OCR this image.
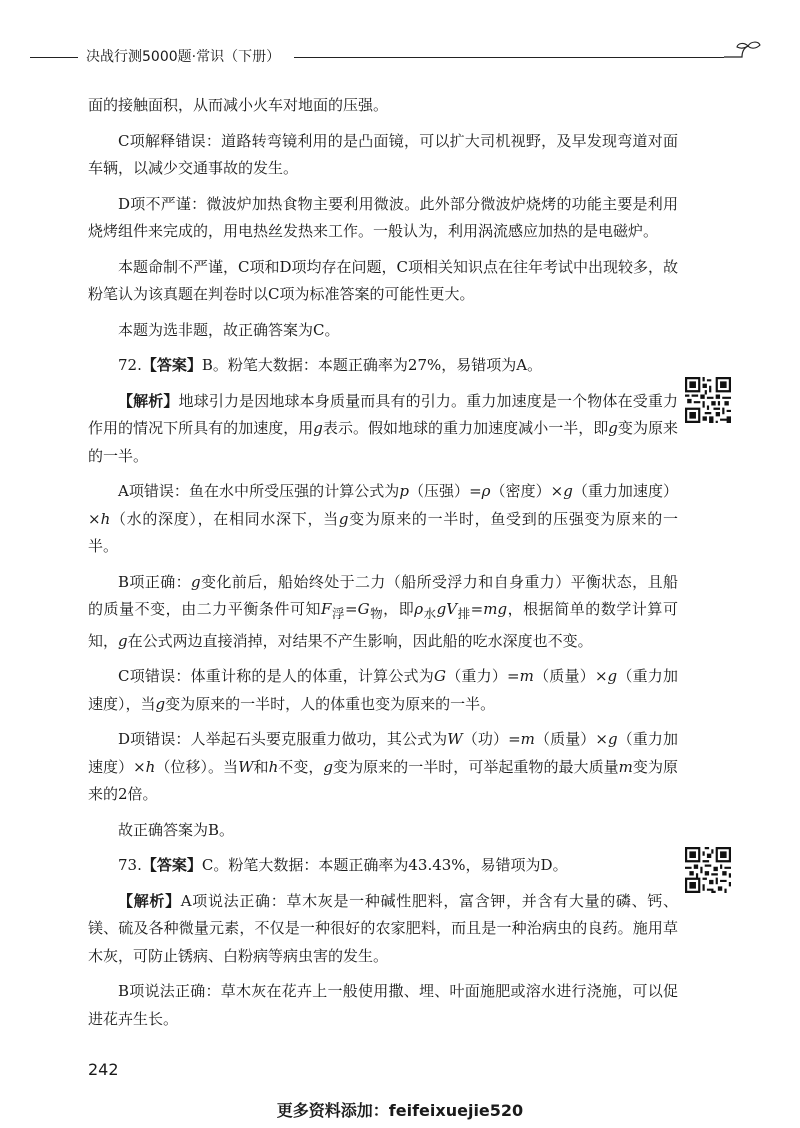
决战行测5000题·常识（下册）

面的接触面积，从而减小火车对地面的压强。

C项解释错误：道路转弯镜利用的是凸面镜，可以扩大司机视野，及早发现弯道对面车辆，以减少交通事故的发生。

D项不严谨：微波炉加热食物主要利用微波。此外部分微波炉烧烤的功能主要是利用烧烤组件来完成的，用电热丝发热来工作。一般认为，利用涡流感应加热的是电磁炉。

本题命制不严谨，C项和D项均存在问题，C项相关知识点在往年考试中出现较多，故粉笔认为该真题在判卷时以C项为标准答案的可能性更大。

本题为选非题，故正确答案为C。

72.【答案】B。粉笔大数据：本题正确率为27%，易错项为A。

【解析】地球引力是因地球本身质量而具有的引力。重力加速度是一个物体在受重力作用的情况下所具有的加速度，用g表示。假如地球的重力加速度减小一半，即g变为原来的一半。

A项错误：鱼在水中所受压强的计算公式为p（压强）=ρ（密度）×g（重力加速度）×h（水的深度），在相同水深下，当g变为原来的一半时，鱼受到的压强变为原来的一半。

B项正确：g变化前后，船始终处于二力（船所受浮力和自身重力）平衡状态，且船的质量不变，由二力平衡条件可知$F_浮=G_物$，即$\rho_水gV_排=mg$，根据简单的数学计算可知，g在公式两边直接消掉，对结果不产生影响，因此船的吃水深度也不变。

C项错误：体重计称的是人的体重，计算公式为G（重力）=m（质量）×g（重力加速度），当g变为原来的一半时，人的体重也变为原来的一半。

D项错误：人举起石头要克服重力做功，其公式为W（功）=m（质量）×g（重力加速度）×h（位移）。当W和h不变，g变为原来的一半时，可举起重物的最大质量m变为原来的2倍。

故正确答案为B。

73.【答案】C。粉笔大数据：本题正确率为43.43%，易错项为D。

【解析】A项说法正确：草木灰是一种碱性肥料，富含钾，并含有大量的磷、钙、镁、硫及各种微量元素，不仅是一种很好的农家肥料，而且是一种治病虫的良药。施用草木灰，可防止锈病、白粉病等病虫害的发生。

B项说法正确：草木灰在花卉上一般使用撒、埋、叶面施肥或溶水进行浇施，可以促进花卉生长。

242
更多资料添加：feifeixuejie520
